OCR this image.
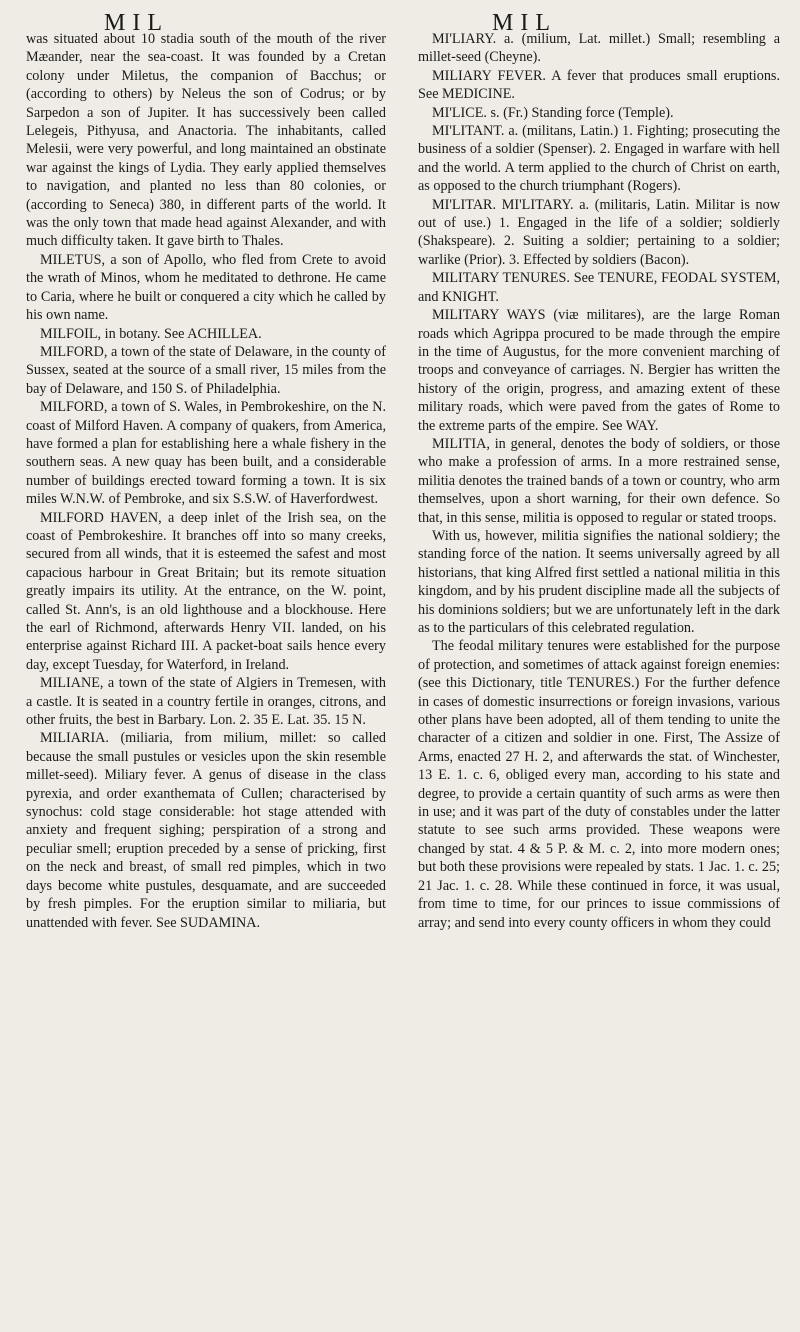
MIL	MIL

was situated about 10 stadia south of the mouth of the river Mæander, near the sea-coast. It was founded by a Cretan colony under Miletus, the companion of Bacchus; or (according to others) by Neleus the son of Codrus; or by Sarpedon a son of Jupiter. It has successively been called Lelegeis, Pithyusa, and Anactoria. The inhabitants, called Melesii, were very powerful, and long maintained an obstinate war against the kings of Lydia. They early applied themselves to navigation, and planted no less than 80 colonies, or (according to Seneca) 380, in different parts of the world. It was the only town that made head against Alexander, and with much difficulty taken. It gave birth to Thales.

MILETUS, a son of Apollo, who fled from Crete to avoid the wrath of Minos, whom he meditated to dethrone. He came to Caria, where he built or conquered a city which he called by his own name.

MILFOIL, in botany. See ACHILLEA.

MILFORD, a town of the state of Delaware, in the county of Sussex, seated at the source of a small river, 15 miles from the bay of Delaware, and 150 S. of Philadelphia.

MILFORD, a town of S. Wales, in Pembrokeshire, on the N. coast of Milford Haven. A company of quakers, from America, have formed a plan for establishing here a whale fishery in the southern seas. A new quay has been built, and a considerable number of buildings erected toward forming a town. It is six miles W.N.W. of Pembroke, and six S.S.W. of Haverfordwest.

MILFORD HAVEN, a deep inlet of the Irish sea, on the coast of Pembrokeshire. It branches off into so many creeks, secured from all winds, that it is esteemed the safest and most capacious harbour in Great Britain; but its remote situation greatly impairs its utility. At the entrance, on the W. point, called St. Ann's, is an old lighthouse and a blockhouse. Here the earl of Richmond, afterwards Henry VII. landed, on his enterprise against Richard III. A packet-boat sails hence every day, except Tuesday, for Waterford, in Ireland.

MILIANE, a town of the state of Algiers in Tremesen, with a castle. It is seated in a country fertile in oranges, citrons, and other fruits, the best in Barbary. Lon. 2. 35 E. Lat. 35. 15 N.

MILIARIA. (miliaria, from milium, millet: so called because the small pustules or vesicles upon the skin resemble millet-seed). Miliary fever. A genus of disease in the class pyrexia, and order exanthemata of Cullen; characterised by synochus: cold stage considerable: hot stage attended with anxiety and frequent sighing; perspiration of a strong and peculiar smell; eruption preceded by a sense of pricking, first on the neck and breast, of small red pimples, which in two days become white pustules, desquamate, and are succeeded by fresh pimples. For the eruption similar to miliaria, but unattended with fever. See SUDAMINA.

MI'LIARY. a. (milium, Lat. millet.) Small; resembling a millet-seed (Cheyne).

MILIARY FEVER. A fever that produces small eruptions. See MEDICINE.

MI'LICE. s. (Fr.) Standing force (Temple).

MI'LITANT. a. (militans, Latin.) 1. Fighting; prosecuting the business of a soldier (Spenser). 2. Engaged in warfare with hell and the world. A term applied to the church of Christ on earth, as opposed to the church triumphant (Rogers).

MI'LITAR. MI'LITARY. a. (militaris, Latin. Militar is now out of use.) 1. Engaged in the life of a soldier; soldierly (Shakspeare). 2. Suiting a soldier; pertaining to a soldier; warlike (Prior). 3. Effected by soldiers (Bacon).

MILITARY TENURES. See TENURE, FEODAL SYSTEM, and KNIGHT.

MILITARY WAYS (viæ militares), are the large Roman roads which Agrippa procured to be made through the empire in the time of Augustus, for the more convenient marching of troops and conveyance of carriages. N. Bergier has written the history of the origin, progress, and amazing extent of these military roads, which were paved from the gates of Rome to the extreme parts of the empire. See WAY.

MILITIA, in general, denotes the body of soldiers, or those who make a profession of arms. In a more restrained sense, militia denotes the trained bands of a town or country, who arm themselves, upon a short warning, for their own defence. So that, in this sense, militia is opposed to regular or stated troops.

With us, however, militia signifies the national soldiery; the standing force of the nation. It seems universally agreed by all historians, that king Alfred first settled a national militia in this kingdom, and by his prudent discipline made all the subjects of his dominions soldiers; but we are unfortunately left in the dark as to the particulars of this celebrated regulation.

The feodal military tenures were established for the purpose of protection, and sometimes of attack against foreign enemies: (see this Dictionary, title TENURES.) For the further defence in cases of domestic insurrections or foreign invasions, various other plans have been adopted, all of them tending to unite the character of a citizen and soldier in one. First, The Assize of Arms, enacted 27 H. 2, and afterwards the stat. of Winchester, 13 E. 1. c. 6, obliged every man, according to his state and degree, to provide a certain quantity of such arms as were then in use; and it was part of the duty of constables under the latter statute to see such arms provided. These weapons were changed by stat. 4 & 5 P. & M. c. 2, into more modern ones; but both these provisions were repealed by stats. 1 Jac. 1. c. 25; 21 Jac. 1. c. 28. While these continued in force, it was usual, from time to time, for our princes to issue commissions of array; and send into every county officers in whom they could
